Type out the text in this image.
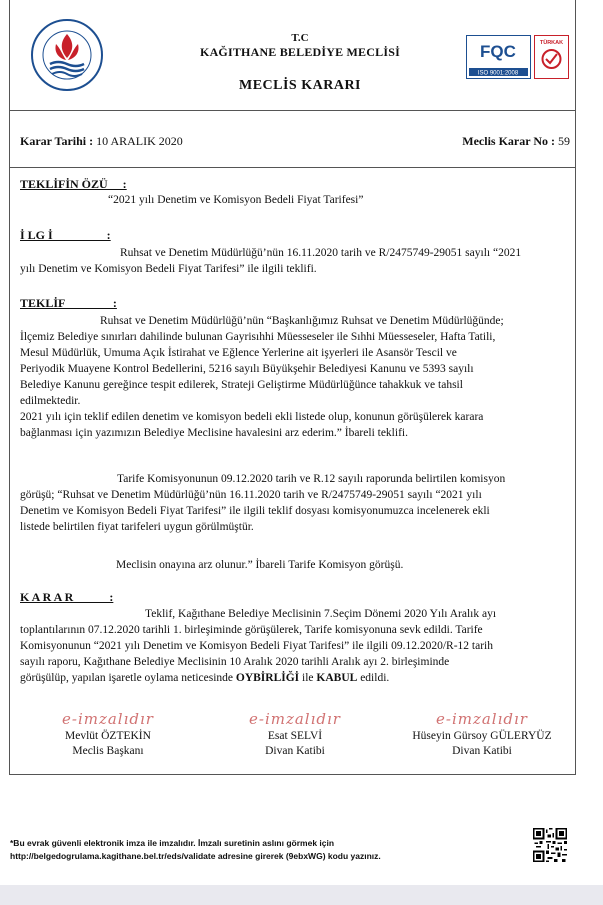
FQC
ISO 9001:2008
TÜRKAK
T.C
KAĞITHANE BELEDİYE MECLİSİ
MECLİS KARARI
Karar Tarihi : 10 ARALIK 2020	Meclis Karar No : 59
TEKLİFİN ÖZÜ     :
“2021 yılı Denetim ve Komisyon Bedeli Fiyat Tarifesi”
İ LG İ                  :
Ruhsat ve Denetim Müdürlüğü’nün 16.11.2020 tarih ve R/2475749-29051 sayılı “2021
yılı Denetim ve Komisyon Bedeli Fiyat Tarifesi” ile ilgili teklifi.
TEKLİF                :
Ruhsat ve Denetim Müdürlüğü’nün “Başkanlığımız Ruhsat ve Denetim Müdürlüğünde;
İlçemiz Belediye sınırları dahilinde bulunan Gayrisıhhi Müesseseler ile Sıhhi Müesseseler, Hafta Tatili,
Mesul Müdürlük, Umuma Açık İstirahat ve Eğlence Yerlerine ait işyerleri ile Asansör Tescil ve
Periyodik Muayene Kontrol Bedellerini, 5216 sayılı Büyükşehir Belediyesi Kanunu ve 5393 sayılı
Belediye Kanunu gereğince tespit edilerek, Strateji Geliştirme Müdürlüğünce tahakkuk ve tahsil
edilmektedir.
2021 yılı için teklif edilen denetim ve komisyon bedeli ekli listede olup, konunun görüşülerek karara
bağlanması için yazımızın Belediye Meclisine havalesini arz ederim.” İbareli teklifi.
Tarife Komisyonunun 09.12.2020 tarih ve R.12 sayılı raporunda belirtilen komisyon
görüşü; “Ruhsat ve Denetim Müdürlüğü’nün 16.11.2020 tarih ve R/2475749-29051 sayılı “2021 yılı
Denetim ve Komisyon Bedeli Fiyat Tarifesi” ile ilgili teklif dosyası komisyonumuzca incelenerek ekli
listede belirtilen fiyat tarifeleri uygun görülmüştür.
Meclisin onayına arz olunur.” İbareli Tarife Komisyon görüşü.
K A R A R            :
Teklif, Kağıthane Belediye Meclisinin 7.Seçim Dönemi 2020 Yılı Aralık ayı
toplantılarının 07.12.2020 tarihli 1. birleşiminde görüşülerek, Tarife komisyonuna sevk edildi. Tarife
Komisyonunun “2021 yılı Denetim ve Komisyon Bedeli Fiyat Tarifesi” ile ilgili 09.12.2020/R-12 tarih
sayılı raporu, Kağıthane Belediye Meclisinin 10 Aralık 2020 tarihli Aralık ayı 2. birleşiminde
görüşülüp, yapılan işaretle oylama neticesinde OYBİRLİĞİ ile KABUL edildi.
e-imzalıdır
Mevlüt ÖZTEKİN
Meclis Başkanı
e-imzalıdır
Esat SELVİ
Divan Katibi
e-imzalıdır
Hüseyin Gürsoy GÜLERYÜZ
Divan Katibi
*Bu evrak güvenli elektronik imza ile imzalıdır. İmzalı suretinin aslını görmek için
http://belgedogrulama.kagithane.bel.tr/eds/validate adresine girerek (9ebxWG) kodu yazınız.
